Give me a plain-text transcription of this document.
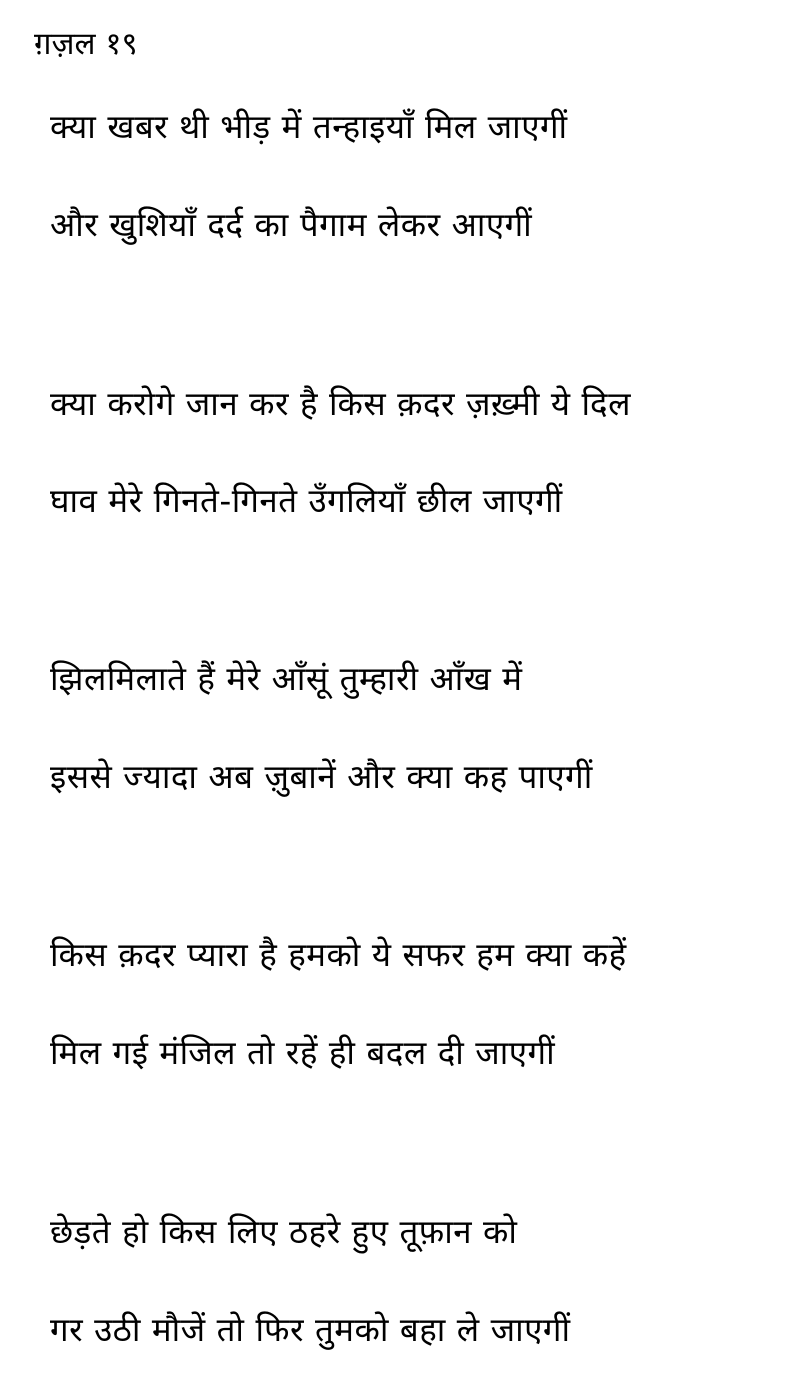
ग़ज़ल १९
क्या खबर थी भीड़ में तन्हाइयाँ मिल जाएगीं
और खुशियाँ दर्द का पैगाम लेकर आएगीं
क्या करोगे जान कर है किस क़दर ज़ख़्मी ये दिल
घाव मेरे गिनते-गिनते उँगलियाँ छील जाएगीं
झिलमिलाते हैं मेरे आँसूं तुम्हारी आँख में
इससे ज्यादा अब ज़ुबानें और क्या कह पाएगीं
किस क़दर प्यारा है हमको ये सफर हम क्या कहें
मिल गई मंजिल तो रहें ही बदल दी जाएगीं
छेड़ते हो किस लिए ठहरे हुए तूफ़ान को
गर उठी मौजें तो फिर तुमको बहा ले जाएगीं
